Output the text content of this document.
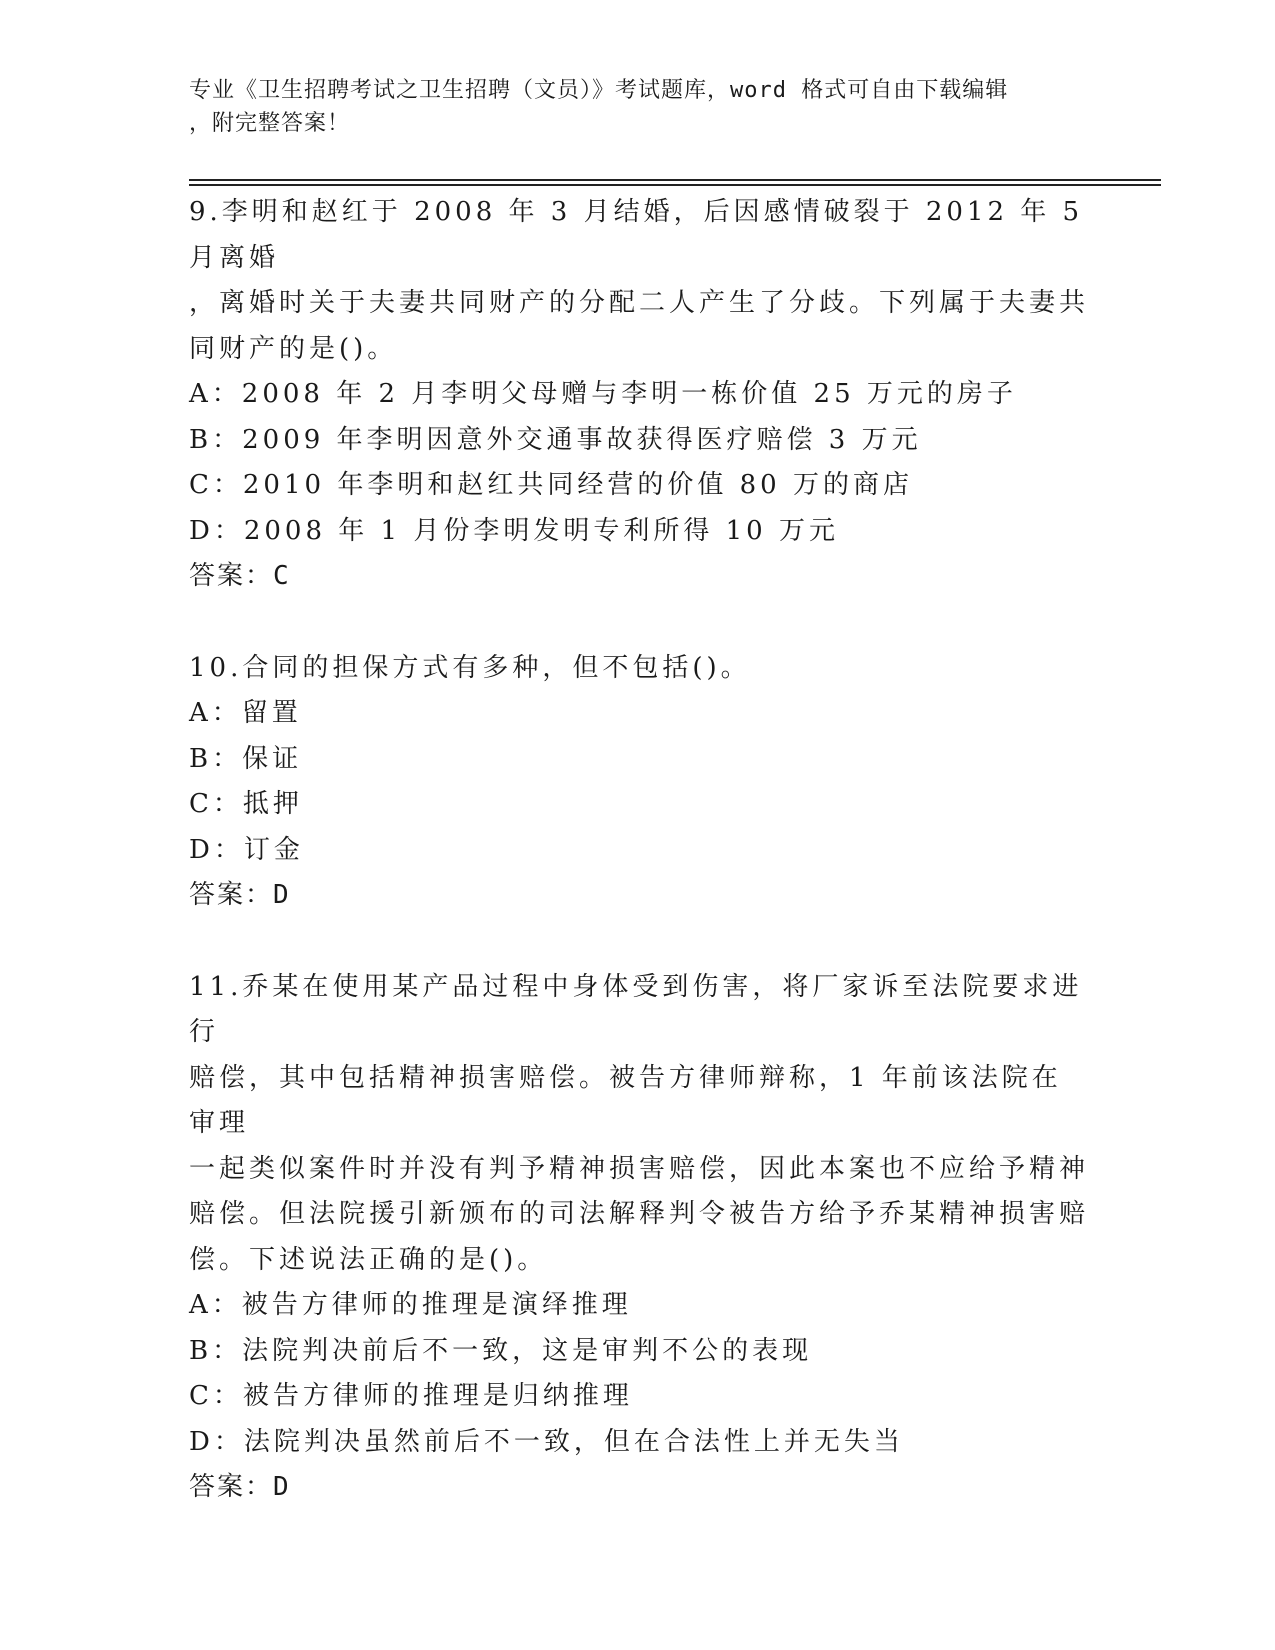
专业《卫生招聘考试之卫生招聘（文员）》考试题库，word 格式可自由下载编辑
，附完整答案！
9.李明和赵红于 2008 年 3 月结婚，后因感情破裂于 2012 年 5 月离婚
，离婚时关于夫妻共同财产的分配二人产生了分歧。下列属于夫妻共
同财产的是()。
A：2008 年 2 月李明父母赠与李明一栋价值 25 万元的房子
B：2009 年李明因意外交通事故获得医疗赔偿 3 万元
C：2010 年李明和赵红共同经营的价值 80 万的商店
D：2008 年 1 月份李明发明专利所得 10 万元
答案：C
10.合同的担保方式有多种，但不包括()。
A：留置
B：保证
C：抵押
D：订金
答案：D
11.乔某在使用某产品过程中身体受到伤害，将厂家诉至法院要求进行
赔偿，其中包括精神损害赔偿。被告方律师辩称，1 年前该法院在审理
一起类似案件时并没有判予精神损害赔偿，因此本案也不应给予精神
赔偿。但法院援引新颁布的司法解释判令被告方给予乔某精神损害赔
偿。下述说法正确的是()。
A：被告方律师的推理是演绎推理
B：法院判决前后不一致，这是审判不公的表现
C：被告方律师的推理是归纳推理
D：法院判决虽然前后不一致，但在合法性上并无失当
答案：D
